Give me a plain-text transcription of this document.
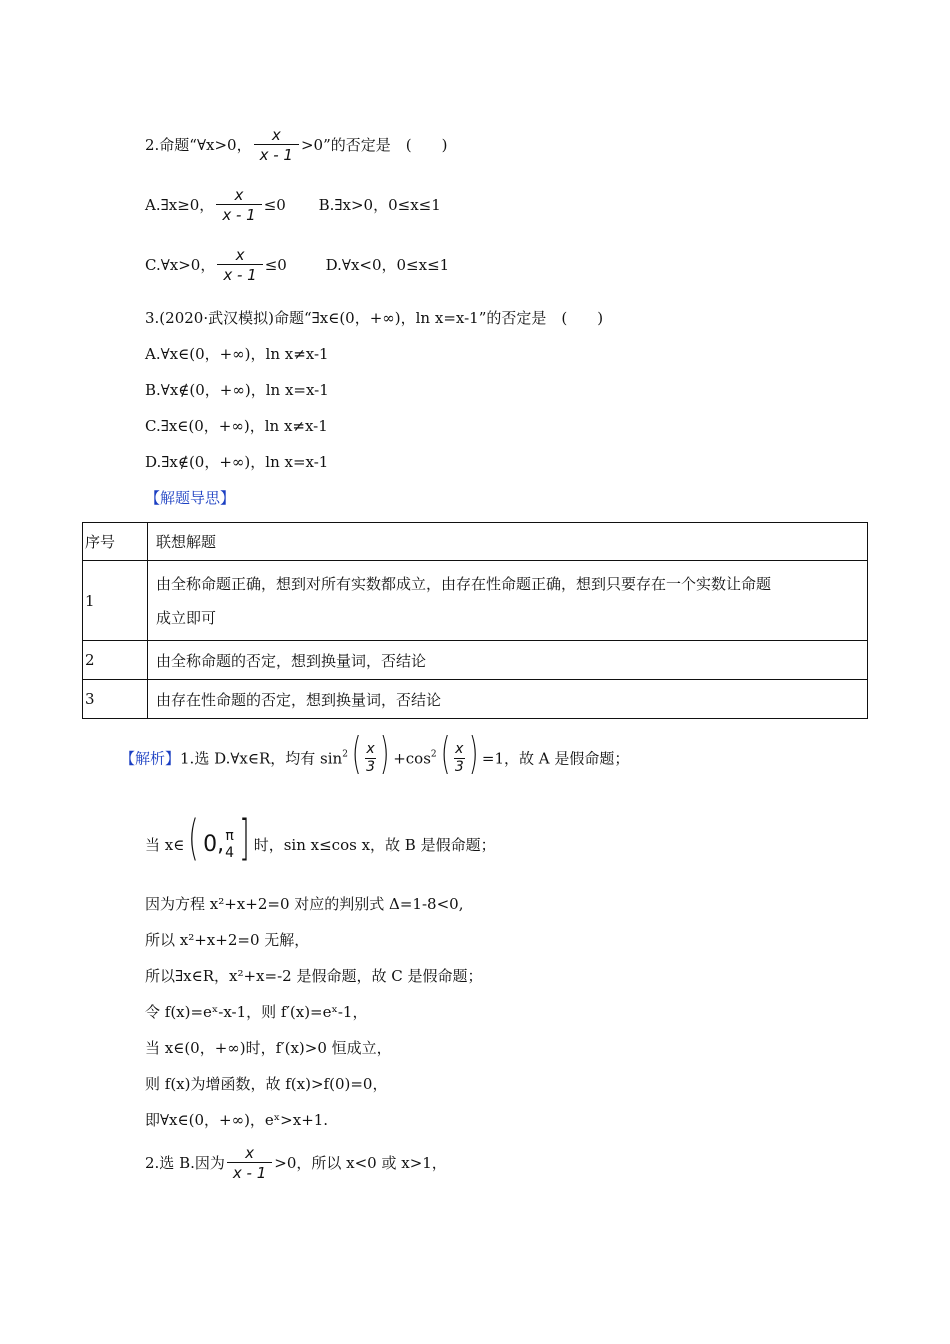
2.命题“∀x>0， $\frac{x}{x - 1} >0$”的否定是　(　　)
A.∃x≥0， $\frac{x}{x - 1} \le 0$ B.∃x>0，0≤x≤1
C.∀x>0， $\frac{x}{x - 1} \le 0$	D.∀x<0，0≤x≤1
3.(2020·武汉模拟)命题“∃x∈(0，+∞)，ln x=x-1”的否定是　(　　)
A.∀x∈(0，+∞)，ln x≠x-1
B.∀x∉(0，+∞)，ln x=x-1
C.∃x∈(0，+∞)，ln x≠x-1
D.∃x∉(0，+∞)，ln x=x-1
【解题导思】
序号	联想解题
1	由全称命题正确，想到对所有实数都成立，由存在性命题正确，想到只要存在一个实数让命题
成立即可

2	由全称命题的否定，想到换量词，否结论
3	由存在性命题的否定，想到换量词，否结论
【解析】1.选 D.∀x∈R，均有 $\sin^2( \frac{x}{3}$ ) $+\cos^2( \frac{x}{3}$ ) =1，故 A 是假命题；
当 x∈( 0, π
4 ] 时，sin x≤cos x，故 B 是假命题；
因为方程 x²+x+2=0 对应的判别式 Δ=1-8<0,
所以 x²+x+2=0 无解，
所以∃x∈R，x²+x=-2 是假命题，故 C 是假命题；
令 f(x)=eˣ-x-1，则 f′(x)=eˣ-1，
当 x∈(0，+∞)时，f′(x)>0 恒成立，
则 f(x)为增函数，故 f(x)>f(0)=0，
即∀x∈(0，+∞)，eˣ>x+1.
2.选 B.因为 $\frac{x}{x - 1} >0$，所以 x<0 或 x>1，
